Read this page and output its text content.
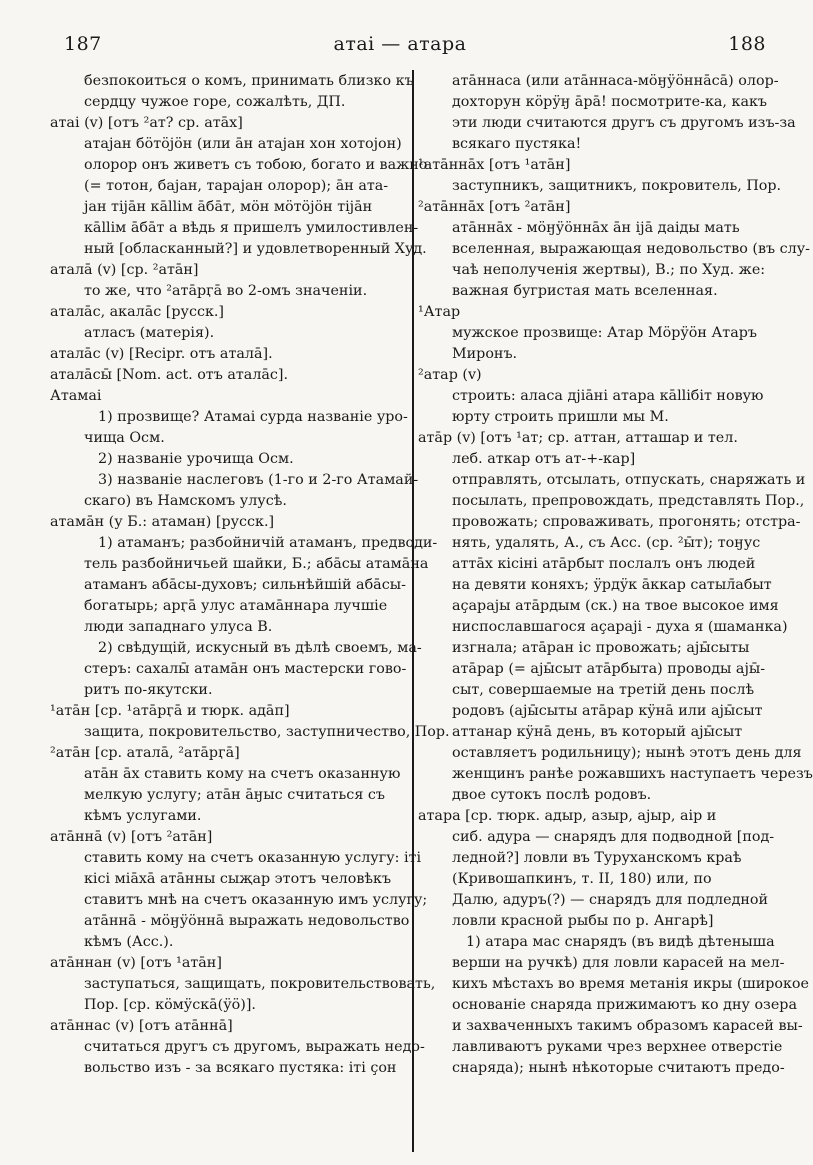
187	атаі — атара	188

безпокоиться о комъ, принимать близко къ

сердцу чужое горе, сожалѣть, ДП.

атаі (v) [отъ ²ат? ср. атāх]

атајан бӧтӧјӧн (или āн атајан хон хотојон)

олорор онъ живетъ съ тобою, богато и важно

(= тотон, бајан, тарајан олорор); āн ата-

јан тіјāн кāllім āбāт, мӧн мӧтӧјӧн тіјāн

кāllім āбāт а вѣдь я пришелъ умилостивлен-

ный [обласканный?] и удовлетворенный Худ.

аталā (v) [ср. ²атāн]

то же, что ²атāрӷā во 2-омъ значеніи.

аталāс, акалāс [русск.]

атласъ (матерія).

аталāс (v) [Recipr. отъ аталā].

аталāсы̄ [Nom. act. отъ аталāс].

Атамаі

1) прозвище? Атамаі сурда названіе уро-

чища Осм.

2) названіе урочища Осм.

3) названіе наслеговъ (1-го и 2-го Атамай-

скаго) въ Намскомъ улусѣ.

атамāн (у Б.: атаман) [русск.]

1) атаманъ; разбойничій атаманъ, предводи-

тель разбойничьей шайки, Б.; абāсы атамāна

атаманъ абāсы-духовъ; сильнѣйшій абāсы-

богатырь; арӷā улус атамāннара лучшіе

люди западнаго улуса В.

2) свѣдущій, искусный въ дѣлѣ своемъ, ма-

стеръ: сахалы̄ атамāн онъ мастерски гово-

ритъ по-якутски.

¹атāн [ср. ¹атāрӷā и тюрк. адāп]

защита, покровительство, заступничество, Пор.

²атāн [ср. аталā, ²атāрӷā]

атāн āх ставить кому на счетъ оказанную

мелкую услугу; атāн āӈыс считаться съ

кѣмъ услугами.

атāннā (v) [отъ ²атāн]

ставить кому на счетъ оказанную услугу: іті

кісі міāхā атāнны сыҗар этотъ человѣкъ

ставитъ мнѣ на счетъ оказанную имъ услугу;

атāннā - мӧӈӱӧннā выражать недовольство

кѣмъ (Асс.).

атāннан (v) [отъ ¹атāн]

заступаться, защищать, покровительствовать,

Пор. [ср. кӧмӱскā(ӱӧ)].

атāннас (v) [отъ атāннā]

считаться другъ съ другомъ, выражать недо-

вольство изъ - за всякаго пустяка: іті ҫон

атāннаса (или атāннаса-мӧӈӱӧннāсā) олор-

дохторун кӧрӱӈ āрā! посмотрите-ка, какъ

эти люди считаются другъ съ другомъ изъ-за

всякаго пустяка!

¹атāннāх [отъ ¹атāн]

заступникъ, защитникъ, покровитель, Пор.

²атāннāх [отъ ²атāн]

атāннāх - мӧӈӱӧннāх āн іјā даіды мать

вселенная, выражающая недовольство (въ слу-

чаѣ неполученія жертвы), В.; по Худ. же:

важная бугристая мать вселенная.

¹Атар

мужское прозвище: Атар Мӧрӱӧн Атаръ

Миронъ.

²атар (v)

строить: аласа дјіāні атара кāllібіт новую

юрту строить пришли мы М.

атāр (v) [отъ ¹ат; ср. аттан, атташар и тел.

леб. аткар отъ ат-+-кар]

отправлять, отсылать, отпускать, снаряжать и

посылать, препровождать, представлять Пор.,

провожать; спроваживать, прогонять; отстра-

нять, удалять, А., съ Асс. (ср. ²ы̄т); тоӈус

аттāх кісіні атāрбыт послалъ онъ людей

на девяти коняхъ; ӱрдӱк āккар сатыл̄абыт

аҫарајы атāрдым (ск.) на твое высокое имя

ниспославшагося аҫарајі - духа я (шаманка)

изгнала; атāран іс провожать; ајы̄сыты

атāрар (= ајы̄сыт атāрбыта) проводы ајы̄-

сыт, совершаемые на третій день послѣ

родовъ (ајы̄сыты атāрар кӱнā или ајы̄сыт

аттанар кӱнā день, въ который ајы̄сыт

оставляетъ родильницу); нынѣ этотъ день для

женщинъ ранѣе рожавшихъ наступаетъ черезъ

двое сутокъ послѣ родовъ.

атара [ср. тюрк. адыр, азыр, ајыр, аір и

сиб. адура — снарядъ для подводной [под-

ледной?] ловли въ Туруханскомъ краѣ

(Кривошапкинъ, т. II, 180) или, по

Далю, адуръ(?) — снарядъ для подледной

ловли красной рыбы по р. Ангарѣ]

1) атара мас снарядъ (въ видѣ дѣтеныша

верши на ручкѣ) для ловли карасей на мел-

кихъ мѣстахъ во время метанія икры (широкое

основаніе снаряда прижимаютъ ко дну озера

и захваченныхъ такимъ образомъ карасей вы-

лавливаютъ руками чрез верхнее отверстіе

снаряда); нынѣ нѣкоторые считаютъ предо-
